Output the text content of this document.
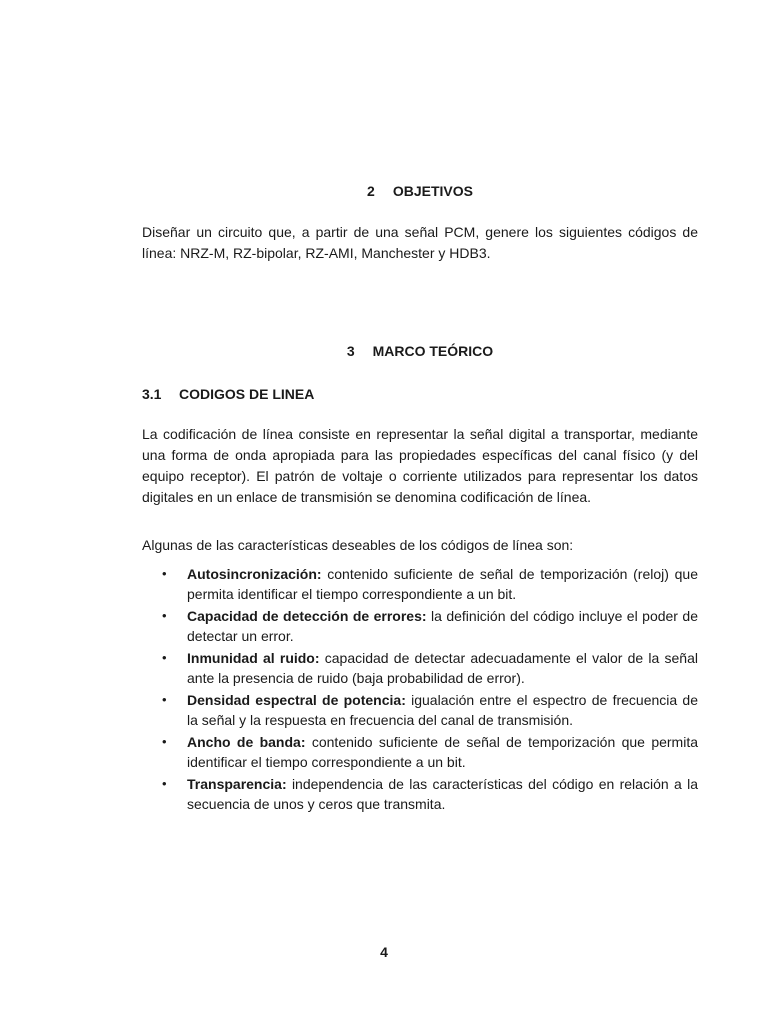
2 OBJETIVOS

Diseñar un circuito que, a partir de una señal PCM, genere los siguientes códigos de línea: NRZ-M, RZ-bipolar, RZ-AMI, Manchester y HDB3.

3 MARCO TEÓRICO
3.1 CODIGOS DE LINEA

La codificación de línea consiste en representar la señal digital a transportar, mediante una forma de onda apropiada para las propiedades específicas del canal físico (y del equipo receptor). El patrón de voltaje o corriente utilizados para representar los datos digitales en un enlace de transmisión se denomina codificación de línea.

Algunas de las características deseables de los códigos de línea son:

•	Autosincronización: contenido suficiente de señal de temporización (reloj) que permita identificar el tiempo correspondiente a un bit.
•	Capacidad de detección de errores: la definición del código incluye el poder de detectar un error.
•	Inmunidad al ruido: capacidad de detectar adecuadamente el valor de la señal ante la presencia de ruido (baja probabilidad de error).
•	Densidad espectral de potencia: igualación entre el espectro de frecuencia de la señal y la respuesta en frecuencia del canal de transmisión.
•	Ancho de banda: contenido suficiente de señal de temporización que permita identificar el tiempo correspondiente a un bit.
•	Transparencia: independencia de las características del código en relación a la secuencia de unos y ceros que transmita.
4
